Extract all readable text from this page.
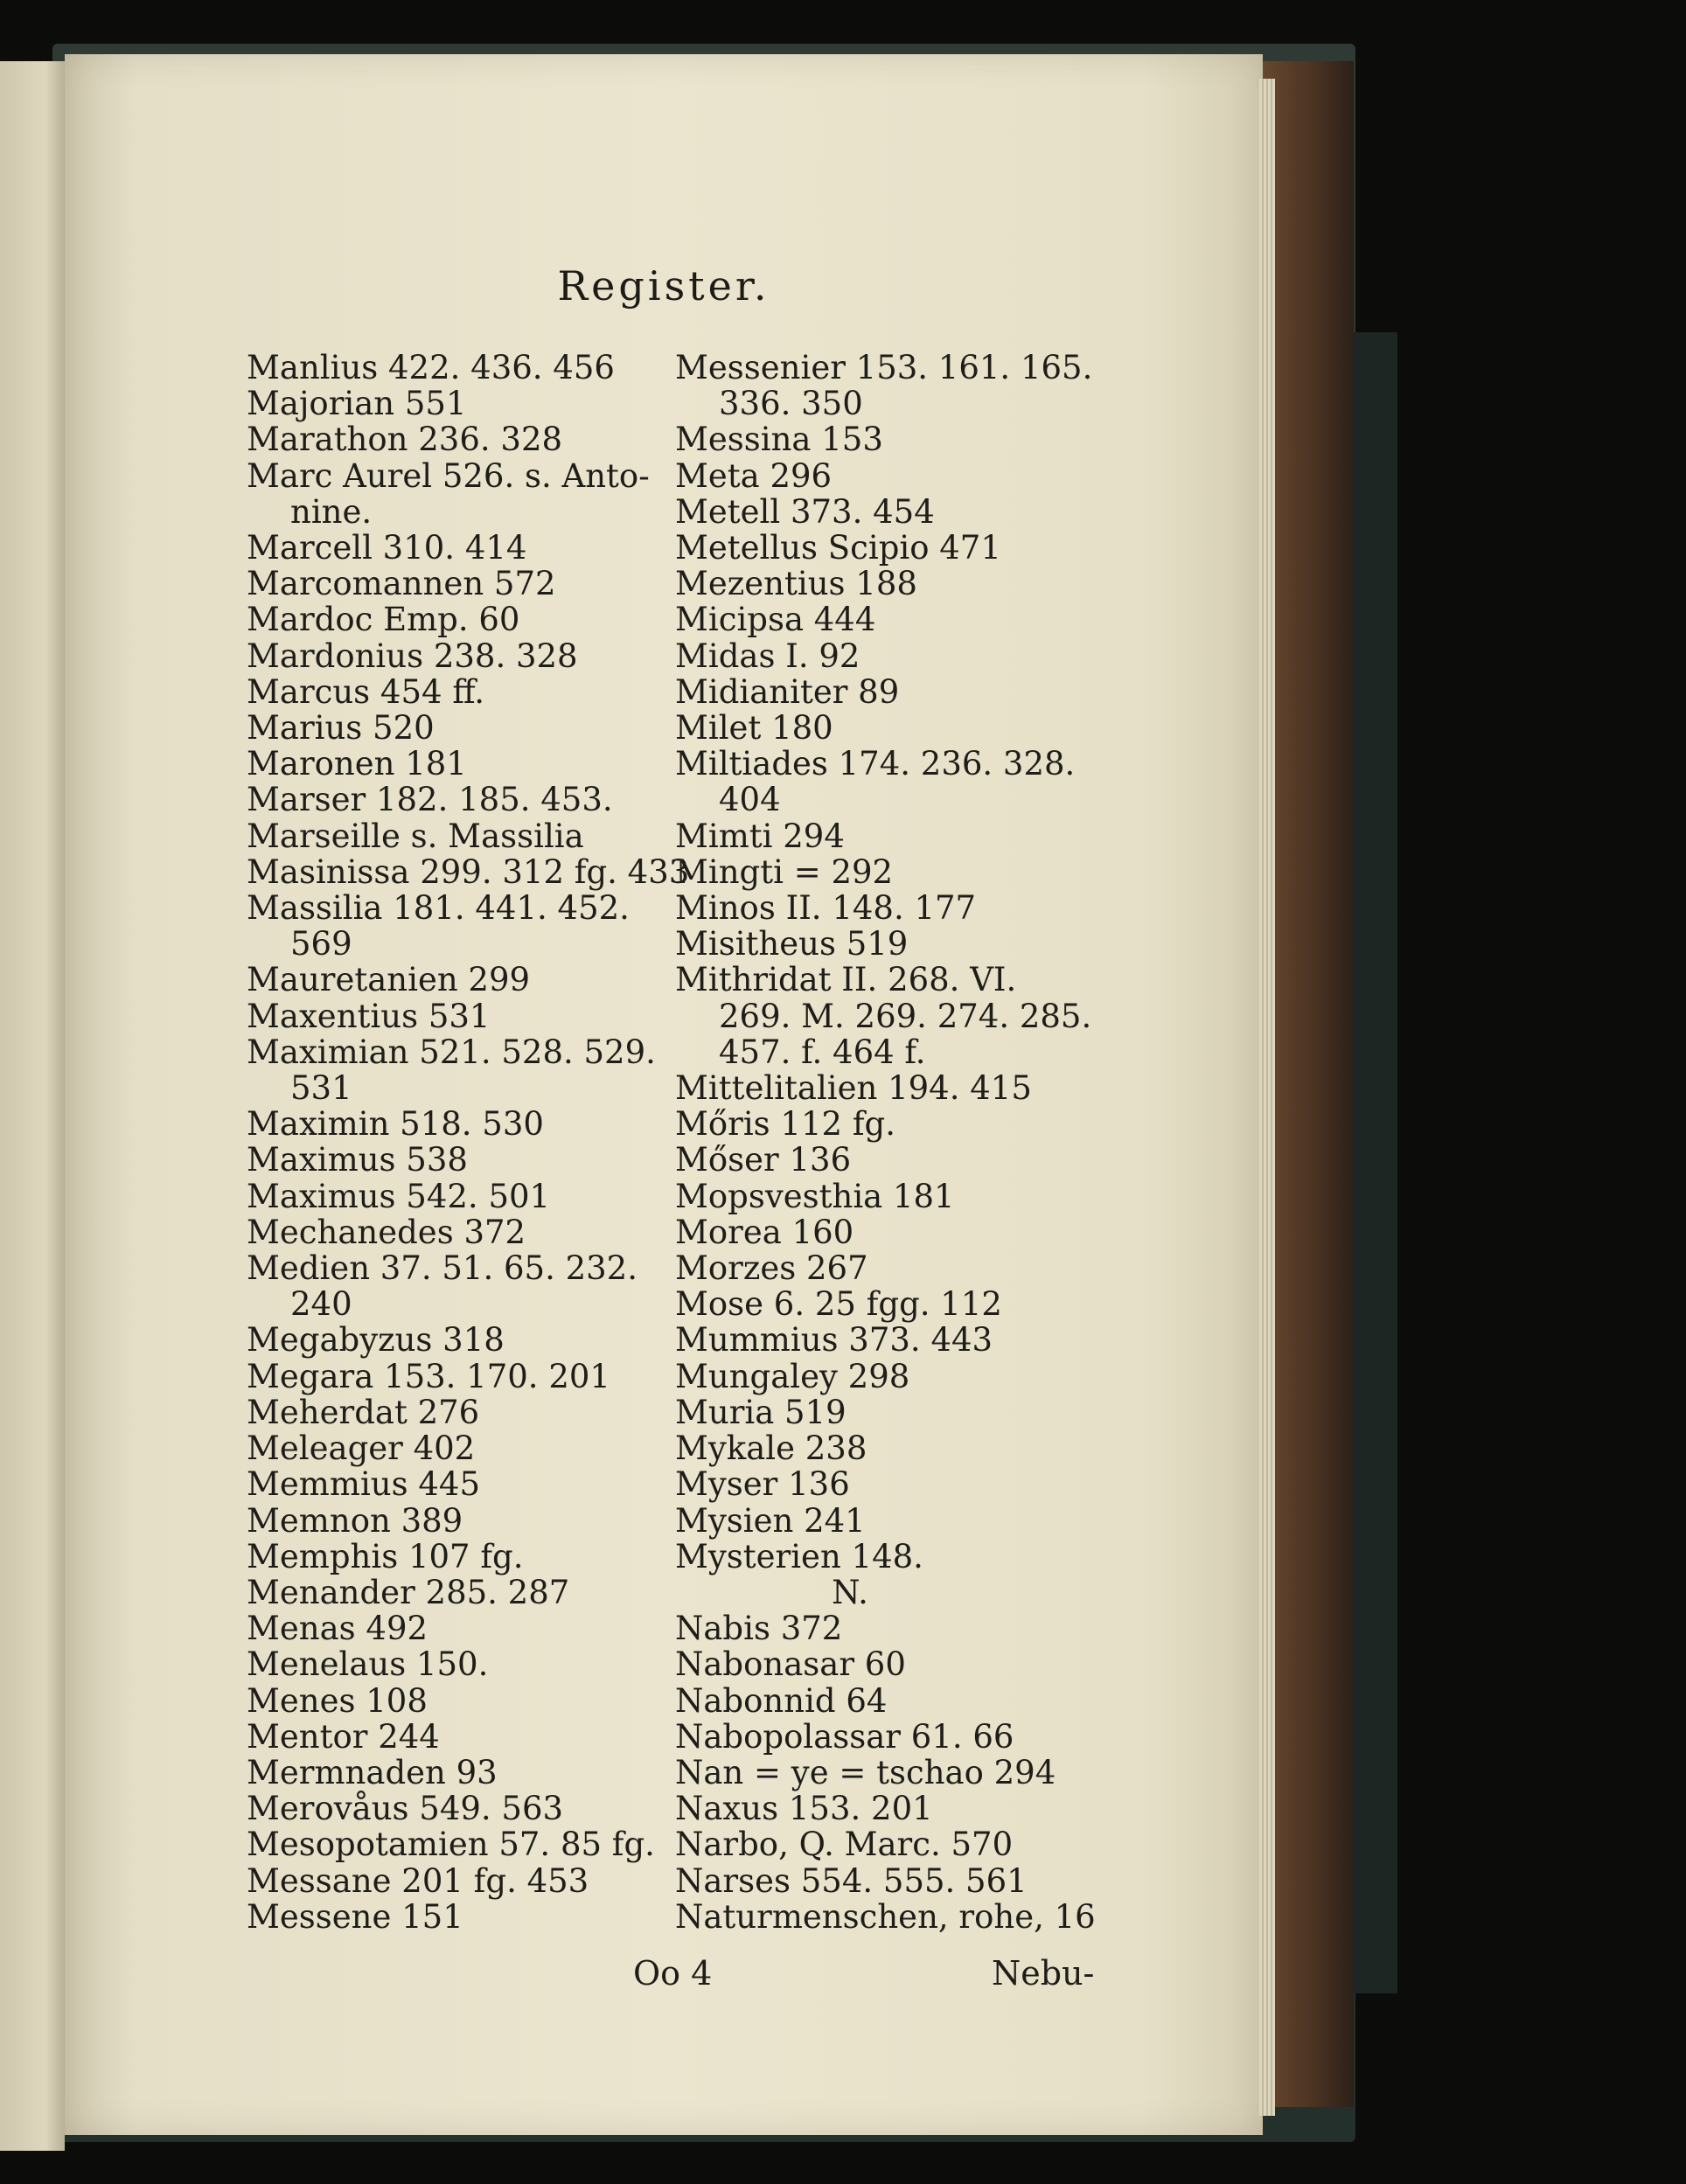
Register.
Manlius 422. 436. 456
Majorian 551
Marathon 236. 328
Marc Aurel 526. s. Anto-
nine.
Marcell 310. 414
Marcomannen 572
Mardoc Emp. 60
Mardonius 238. 328
Marcus 454 ff.
Marius 520
Maronen 181
Marser 182. 185. 453.
Marseille s. Massilia
Masinissa 299. 312 fg. 433
Massilia 181. 441. 452.
569
Mauretanien 299
Maxentius 531
Maximian 521. 528. 529.
531
Maximin 518. 530
Maximus 538
Maximus 542. 501
Mechanedes 372
Medien 37. 51. 65. 232.
240
Megabyzus 318
Megara 153. 170. 201
Meherdat 276
Meleager 402
Memmius 445
Memnon 389
Memphis 107 fg.
Menander 285. 287
Menas 492
Menelaus 150.
Menes 108
Mentor 244
Mermnaden 93
Merovåus 549. 563
Mesopotamien 57. 85 fg.
Messane 201 fg. 453
Messene 151
Messenier 153. 161. 165.
336. 350
Messina 153
Meta 296
Metell 373. 454
Metellus Scipio 471
Mezentius 188
Micipsa 444
Midas I. 92
Midianiter 89
Milet 180
Miltiades 174. 236. 328.
404
Mimti 294
Mingti = 292
Minos II. 148. 177
Misitheus 519
Mithridat II. 268. VI.
269. M. 269. 274. 285.
457. f. 464 f.
Mittelitalien 194. 415
Mőris 112 fg.
Mőser 136
Mopsvesthia 181
Morea 160
Morzes 267
Mose 6. 25 fgg. 112
Mummius 373. 443
Mungaley 298
Muria 519
Mykale 238
Myser 136
Mysien 241
Mysterien 148.
N.
Nabis 372
Nabonasar 60
Nabonnid 64
Nabopolassar 61. 66
Nan = ye = tschao 294
Naxus 153. 201
Narbo, Q. Marc. 570
Narses 554. 555. 561
Naturmenschen, rohe, 16
Oo 4	Nebu-
